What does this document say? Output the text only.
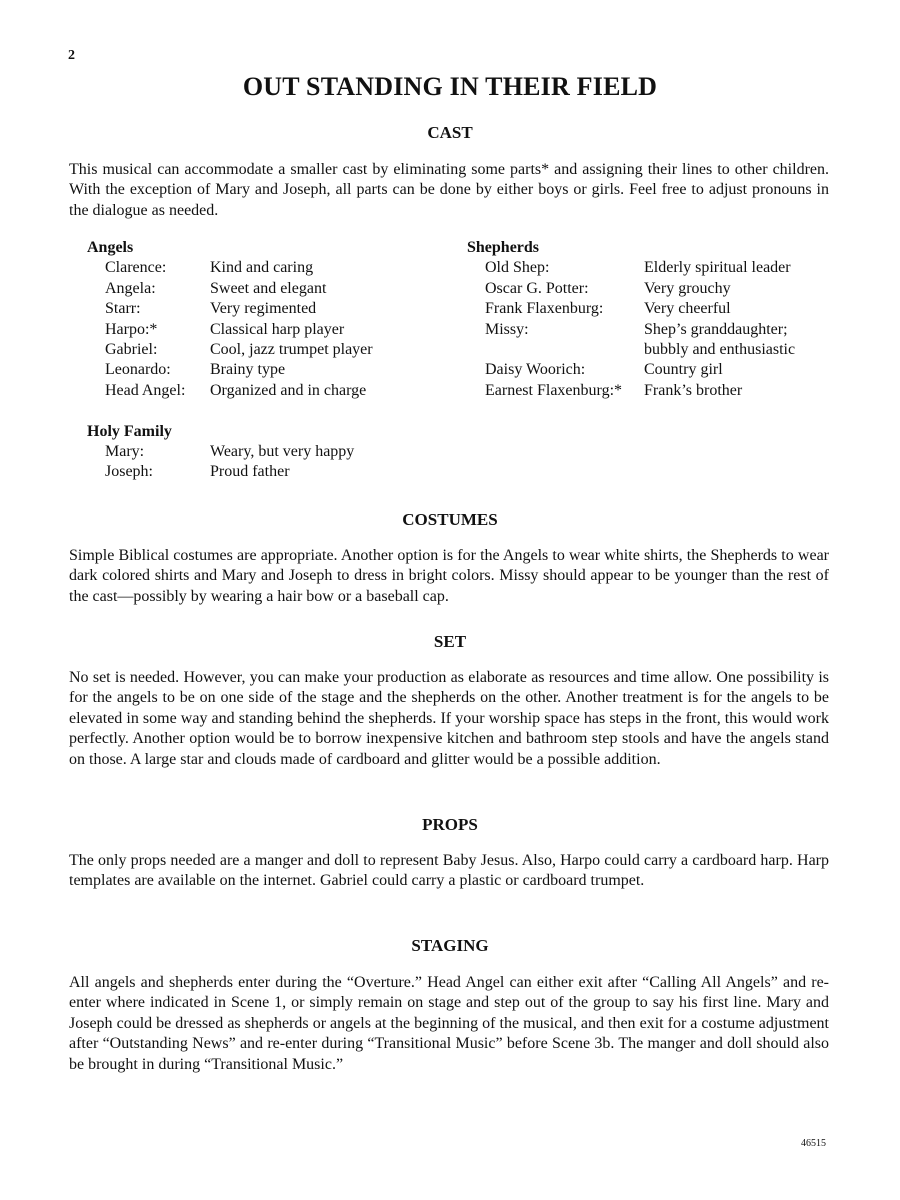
2
OUT STANDING IN THEIR FIELD
CAST

This musical can accommodate a smaller cast by eliminating some parts* and assigning their lines to other children. With the exception of Mary and Joseph, all parts can be done by either boys or girls. Feel free to adjust pronouns in the dialogue as needed.

Angels
Clarence:	Kind and caring
Angela:	Sweet and elegant
Starr:	Very regimented
Harpo:*	Classical harp player
Gabriel:	Cool, jazz trumpet player
Leonardo:	Brainy type
Head Angel:	Organized and in charge
Holy Family
Mary:	Weary, but very happy
Joseph:	Proud father
Shepherds
Old Shep:	Elderly spiritual leader
Oscar G. Potter:	Very grouchy
Frank Flaxenburg:	Very cheerful
Missy:	Shep’s granddaughter;
bubbly and enthusiastic
Daisy Woorich:	Country girl
Earnest Flaxenburg:*	Frank’s brother
COSTUMES

Simple Biblical costumes are appropriate. Another option is for the Angels to wear white shirts, the Shepherds to wear dark colored shirts and Mary and Joseph to dress in bright colors. Missy should appear to be younger than the rest of the cast—possibly by wearing a hair bow or a baseball cap.

SET

No set is needed. However, you can make your production as elaborate as resources and time allow. One possibility is for the angels to be on one side of the stage and the shepherds on the other. Another treatment is for the angels to be elevated in some way and standing behind the shepherds. If your worship space has steps in the front, this would work perfectly. Another option would be to borrow inexpensive kitchen and bathroom step stools and have the angels stand on those. A large star and clouds made of cardboard and glitter would be a possible addition.

PROPS

The only props needed are a manger and doll to represent Baby Jesus. Also, Harpo could carry a cardboard harp. Harp templates are available on the internet. Gabriel could carry a plastic or cardboard trumpet.

STAGING

All angels and shepherds enter during the “Overture.” Head Angel can either exit after “Calling All Angels” and re-enter where indicated in Scene 1, or simply remain on stage and step out of the group to say his first line. Mary and Joseph could be dressed as shepherds or angels at the beginning of the musical, and then exit for a costume adjustment after “Outstanding News” and re-enter during “Transitional Music” before Scene 3b. The manger and doll should also be brought in during “Transitional Music.”

46515
